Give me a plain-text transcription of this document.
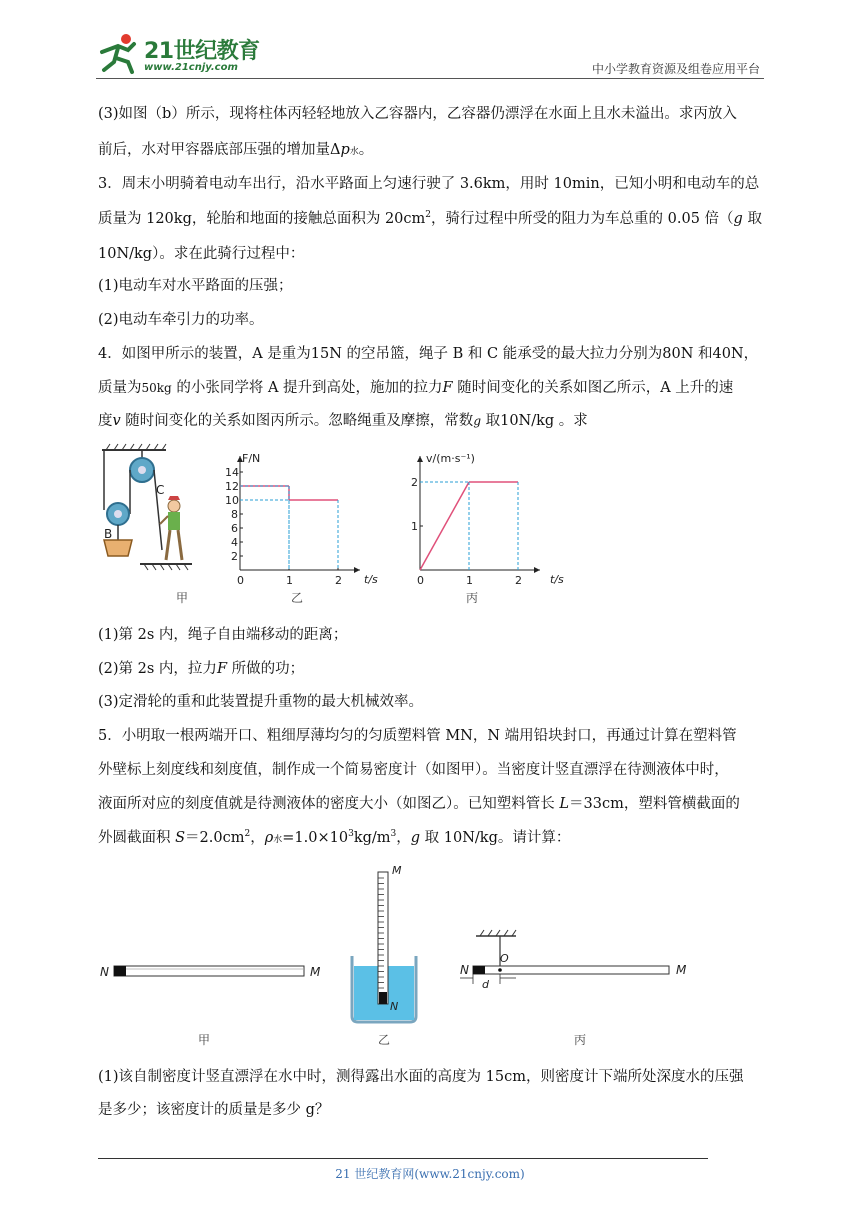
21世纪教育
www.21cnjy.com	中小学教育资源及组卷应用平台
(3)如图（b）所示，现将柱体丙轻轻地放入乙容器内，乙容器仍漂浮在水面上且水未溢出。求丙放入
前后，水对甲容器底部压强的增加量Δp水。
3．周末小明骑着电动车出行，沿水平路面上匀速行驶了 3.6km，用时 10min，已知小明和电动车的总
质量为 120kg，轮胎和地面的接触总面积为 $20cm^2$，骑行过程中所受的阻力为车总重的 0.05 倍（g 取
10N/kg）。求在此骑行过程中：
(1)电动车对水平路面的压强；
(2)电动车牵引力的功率。
4．如图甲所示的装置，A 是重为15N 的空吊篮，绳子 B 和 C 能承受的最大拉力分别为80N 和40N，
质量为50kg 的小张同学将 A 提升到高处，施加的拉力F 随时间变化的关系如图乙所示，A 上升的速
度v 随时间变化的关系如图丙所示。忽略绳重及摩擦，常数g 取10N/kg 。求
C
B
甲
F/N
t/s
乙
0	1	2
2
4
6
8
10
12
14
v/(m·s⁻¹)
t/s
丙
0	1	2
1
2
(1)第 2s 内，绳子自由端移动的距离；
(2)第 2s 内，拉力F 所做的功；
(3)定滑轮的重和此装置提升重物的最大机械效率。
5．小明取一根两端开口、粗细厚薄均匀的匀质塑料管 MN，N 端用铅块封口，再通过计算在塑料管
外壁标上刻度线和刻度值，制作成一个简易密度计（如图甲）。当密度计竖直漂浮在待测液体中时，
液面所对应的刻度值就是待测液体的密度大小（如图乙）。已知塑料管长 L＝33cm，塑料管横截面的
外圆截面积 $S=2.0cm^2$，ρ水$=1.0\times 10^3kg/m^3$，g 取 10N/kg。请计算：
N	M
甲
M
N
乙
O
N	M
d
丙
(1)该自制密度计竖直漂浮在水中时，测得露出水面的高度为 15cm，则密度计下端所处深度水的压强
是多少；该密度计的质量是多少 g？
21 世纪教育网(www.21cnjy.com)
